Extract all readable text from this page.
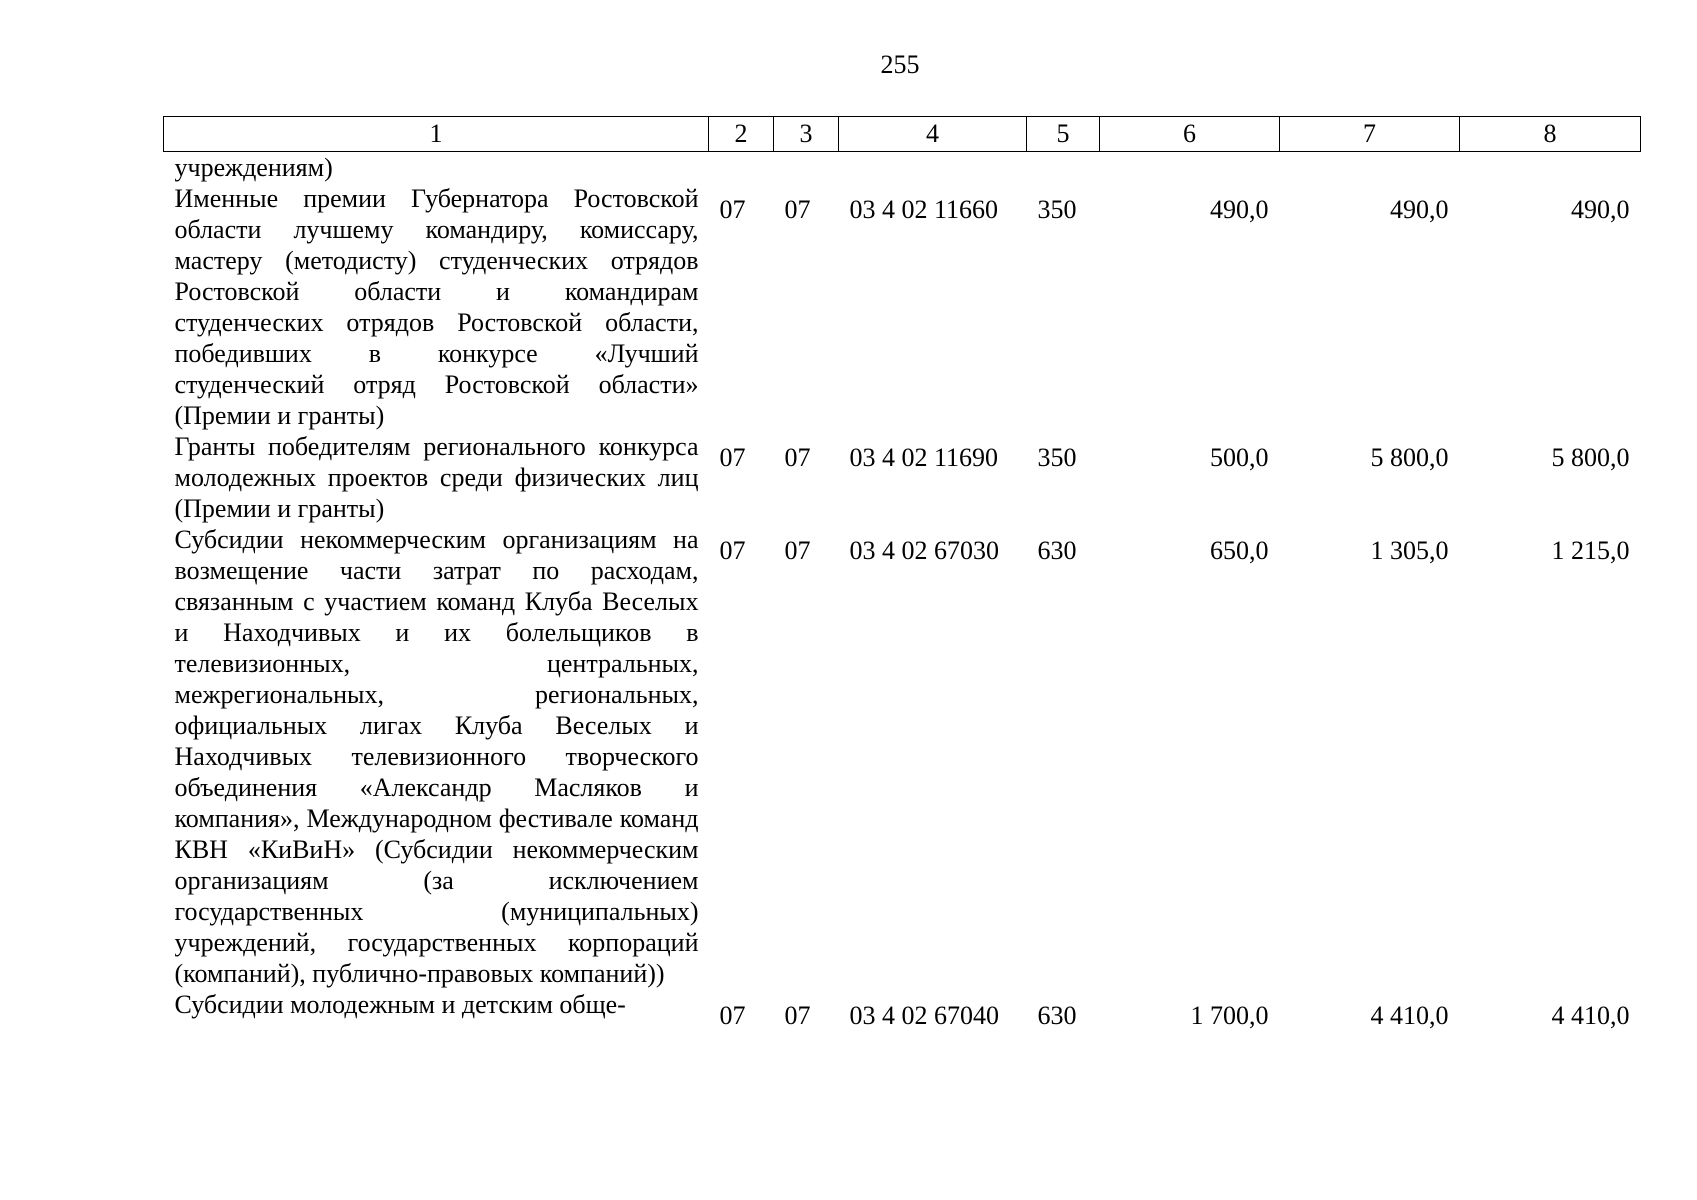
255
1	2	3	4	5	6	7	8
учреждениям)							
Именные премии Губернатора Ростовской области лучшему командиру, комиссару, мастеру (методисту) студенческих отрядов Ростовской области и командирам студенческих отрядов Ростовской области, победивших в конкурсе «Лучший студенческий отряд Ростовской области» (Премии и гранты)	07	07	03 4 02 11660	350	490,0	490,0	490,0
Гранты победителям регионального конкурса молодежных проектов среди физических лиц (Премии и гранты)	07	07	03 4 02 11690	350	500,0	5 800,0	5 800,0
Субсидии некоммерческим организациям на возмещение части затрат по расходам, связанным с участием команд Клуба Веселых и Находчивых и их болельщиков в телевизионных, центральных, межрегиональных, региональных, официальных лигах Клуба Веселых и Находчивых телевизионного творческого объединения «Александр Масляков и компания», Международном фестивале команд КВН «КиВиН» (Субсидии некоммерческим организациям (за исключением государственных (муниципальных) учреждений, государственных корпораций (компаний), публично-правовых компаний))	07	07	03 4 02 67030	630	650,0	1 305,0	1 215,0
Субсидии молодежным и детским обще-	07	07	03 4 02 67040	630	1 700,0	4 410,0	4 410,0
